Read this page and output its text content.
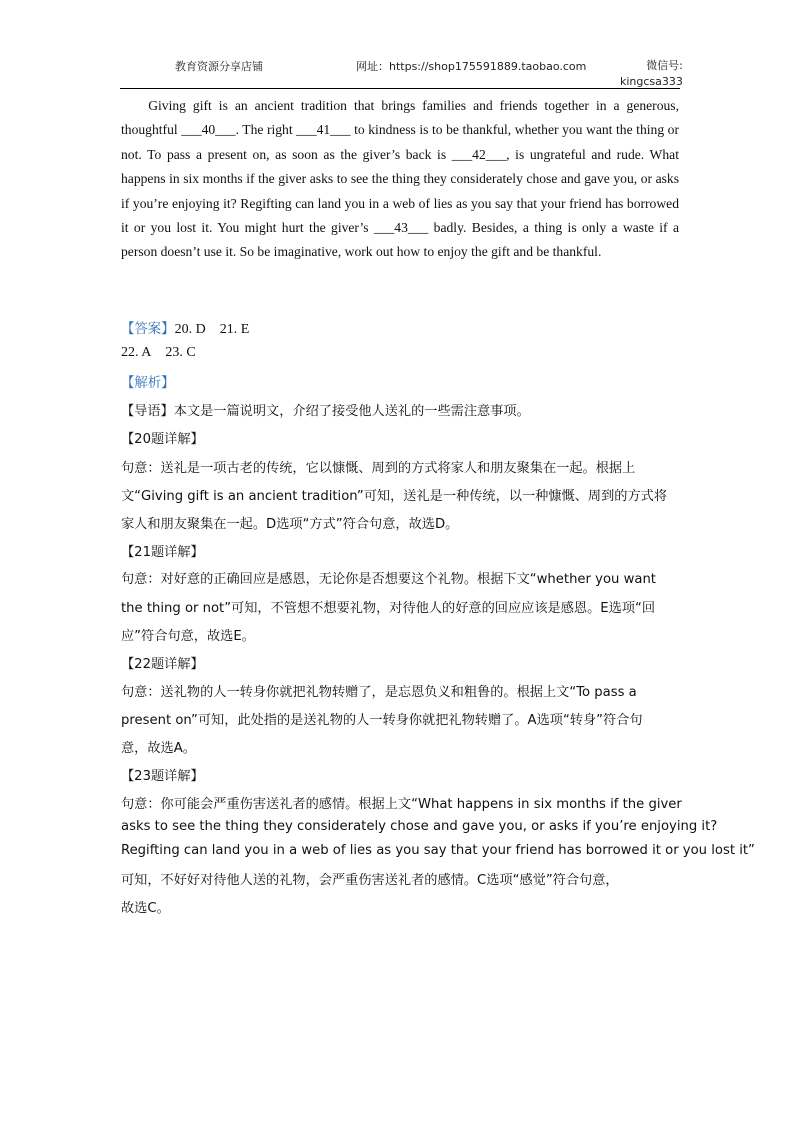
教育资源分享店铺	网址：https://shop175591889.taobao.com	微信号:
kingcsa333

Giving gift is an ancient tradition that brings families and friends together in a generous, thoughtful ___40___. The right ___41___ to kindness is to be thankful, whether you want the thing or not. To pass a present on, as soon as the giver’s back is ___42___, is ungrateful and rude. What happens in six months if the giver asks to see the thing they considerately chose and gave you, or asks if you’re enjoying it? Regifting can land you in a web of lies as you say that your friend has borrowed it or you lost it. You might hurt the giver’s ___43___ badly. Besides, a thing is only a waste if a person doesn’t use it. So be imaginative, work out how to enjoy the gift and be thankful.

【答案】20. D 21. E
22. A 23. C
【解析】
【导语】本文是一篇说明文，介绍了接受他人送礼的一些需注意事项。
【20题详解】
句意：送礼是一项古老的传统，它以慷慨、周到的方式将家人和朋友聚集在一起。根据上
文“Giving gift is an ancient tradition”可知，送礼是一种传统，以一种慷慨、周到的方式将
家人和朋友聚集在一起。D选项“方式”符合句意，故选D。
【21题详解】
句意：对好意的正确回应是感恩，无论你是否想要这个礼物。根据下文“whether you want
the thing or not”可知，不管想不想要礼物，对待他人的好意的回应应该是感恩。E选项“回
应”符合句意，故选E。
【22题详解】
句意：送礼物的人一转身你就把礼物转赠了，是忘恩负义和粗鲁的。根据上文“To pass a
present on”可知，此处指的是送礼物的人一转身你就把礼物转赠了。A选项“转身”符合句
意，故选A。
【23题详解】
句意：你可能会严重伤害送礼者的感情。根据上文“What happens in six months if the giver
asks to see the thing they considerately chose and gave you, or asks if you’re enjoying it?
Regifting can land you in a web of lies as you say that your friend has borrowed it or you lost it”
可知，不好好对待他人送的礼物，会严重伤害送礼者的感情。C选项“感觉”符合句意，
故选C。
